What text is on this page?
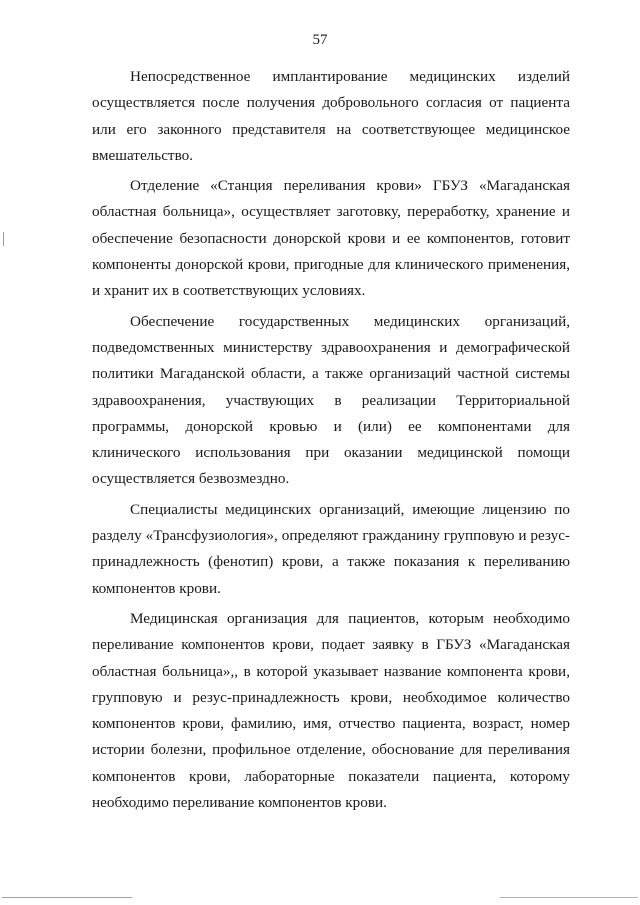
57
Непосредственное имплантирование медицинских изделий
осуществляется после получения добровольного согласия от пациента
или его законного представителя на соответствующее медицинское
вмешательство.
Отделение «Станция переливания крови» ГБУЗ «Магаданская
областная больница», осуществляет заготовку, переработку, хранение и
обеспечение безопасности донорской крови и ее компонентов, готовит
компоненты донорской крови, пригодные для клинического применения,
и хранит их в соответствующих условиях.
Обеспечение государственных медицинских организаций,
подведомственных министерству здравоохранения и демографической
политики Магаданской области, а также организаций частной системы
здравоохранения, участвующих в реализации Территориальной
программы, донорской кровью и (или) ее компонентами для
клинического использования при оказании медицинской помощи
осуществляется безвозмездно.
Специалисты медицинских организаций, имеющие лицензию по
разделу «Трансфузиология», определяют гражданину групповую и резус-
принадлежность (фенотип) крови, а также показания к переливанию
компонентов крови.
Медицинская организация для пациентов, которым необходимо
переливание компонентов крови, подает заявку в ГБУЗ «Магаданская
областная больница»,, в которой указывает название компонента крови,
групповую и резус-принадлежность крови, необходимое количество
компонентов крови, фамилию, имя, отчество пациента, возраст, номер
истории болезни, профильное отделение, обоснование для переливания
компонентов крови, лабораторные показатели пациента, которому
необходимо переливание компонентов крови.
